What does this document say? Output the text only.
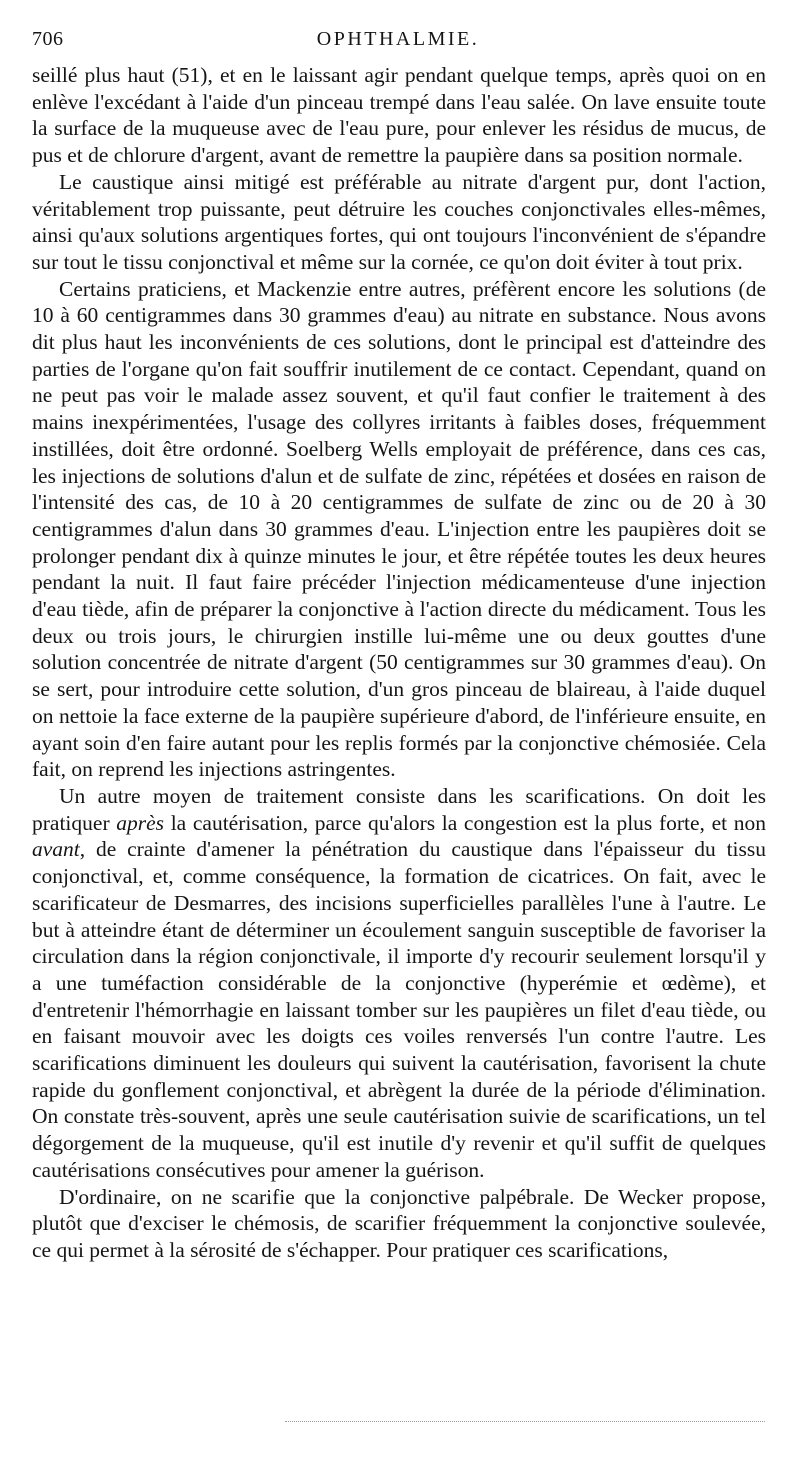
706	OPHTHALMIE.

seillé plus haut (51), et en le laissant agir pendant quelque temps, après quoi on en enlève l'excédant à l'aide d'un pinceau trempé dans l'eau salée. On lave ensuite toute la surface de la muqueuse avec de l'eau pure, pour enlever les résidus de mucus, de pus et de chlorure d'argent, avant de remettre la paupière dans sa position normale.

Le caustique ainsi mitigé est préférable au nitrate d'argent pur, dont l'action, véritablement trop puissante, peut détruire les couches conjonctivales elles-mêmes, ainsi qu'aux solutions argentiques fortes, qui ont toujours l'inconvénient de s'épandre sur tout le tissu conjonctival et même sur la cornée, ce qu'on doit éviter à tout prix.

Certains praticiens, et Mackenzie entre autres, préfèrent encore les solutions (de 10 à 60 centigrammes dans 30 grammes d'eau) au nitrate en substance. Nous avons dit plus haut les inconvénients de ces solutions, dont le principal est d'atteindre des parties de l'organe qu'on fait souffrir inutilement de ce contact. Cependant, quand on ne peut pas voir le malade assez souvent, et qu'il faut confier le traitement à des mains inexpérimentées, l'usage des collyres irritants à faibles doses, fréquemment instillées, doit être ordonné. Soelberg Wells employait de préférence, dans ces cas, les injections de solutions d'alun et de sulfate de zinc, répétées et dosées en raison de l'intensité des cas, de 10 à 20 centigrammes de sulfate de zinc ou de 20 à 30 centigrammes d'alun dans 30 grammes d'eau. L'injection entre les paupières doit se prolonger pendant dix à quinze minutes le jour, et être répétée toutes les deux heures pendant la nuit. Il faut faire précéder l'injection médicamenteuse d'une injection d'eau tiède, afin de préparer la conjonctive à l'action directe du médicament. Tous les deux ou trois jours, le chirurgien instille lui-même une ou deux gouttes d'une solution concentrée de nitrate d'argent (50 centigrammes sur 30 grammes d'eau). On se sert, pour introduire cette solution, d'un gros pinceau de blaireau, à l'aide duquel on nettoie la face externe de la paupière supérieure d'abord, de l'inférieure ensuite, en ayant soin d'en faire autant pour les replis formés par la conjonctive chémosiée. Cela fait, on reprend les injections astringentes.

Un autre moyen de traitement consiste dans les scarifications. On doit les pratiquer après la cautérisation, parce qu'alors la congestion est la plus forte, et non avant, de crainte d'amener la pénétration du caustique dans l'épaisseur du tissu conjonctival, et, comme conséquence, la formation de cicatrices. On fait, avec le scarificateur de Desmarres, des incisions superficielles parallèles l'une à l'autre. Le but à atteindre étant de déterminer un écoulement sanguin susceptible de favoriser la circulation dans la région conjonctivale, il importe d'y recourir seulement lorsqu'il y a une tuméfaction considérable de la conjonctive (hyperémie et œdème), et d'entretenir l'hémorrhagie en laissant tomber sur les paupières un filet d'eau tiède, ou en faisant mouvoir avec les doigts ces voiles renversés l'un contre l'autre. Les scarifications diminuent les douleurs qui suivent la cautérisation, favorisent la chute rapide du gonflement conjonctival, et abrègent la durée de la période d'élimination. On constate très-souvent, après une seule cautérisation suivie de scarifications, un tel dégorgement de la muqueuse, qu'il est inutile d'y revenir et qu'il suffit de quelques cautérisations consécutives pour amener la guérison.

D'ordinaire, on ne scarifie que la conjonctive palpébrale. De Wecker propose, plutôt que d'exciser le chémosis, de scarifier fréquemment la conjonctive soulevée, ce qui permet à la sérosité de s'échapper. Pour pratiquer ces scarifications,
